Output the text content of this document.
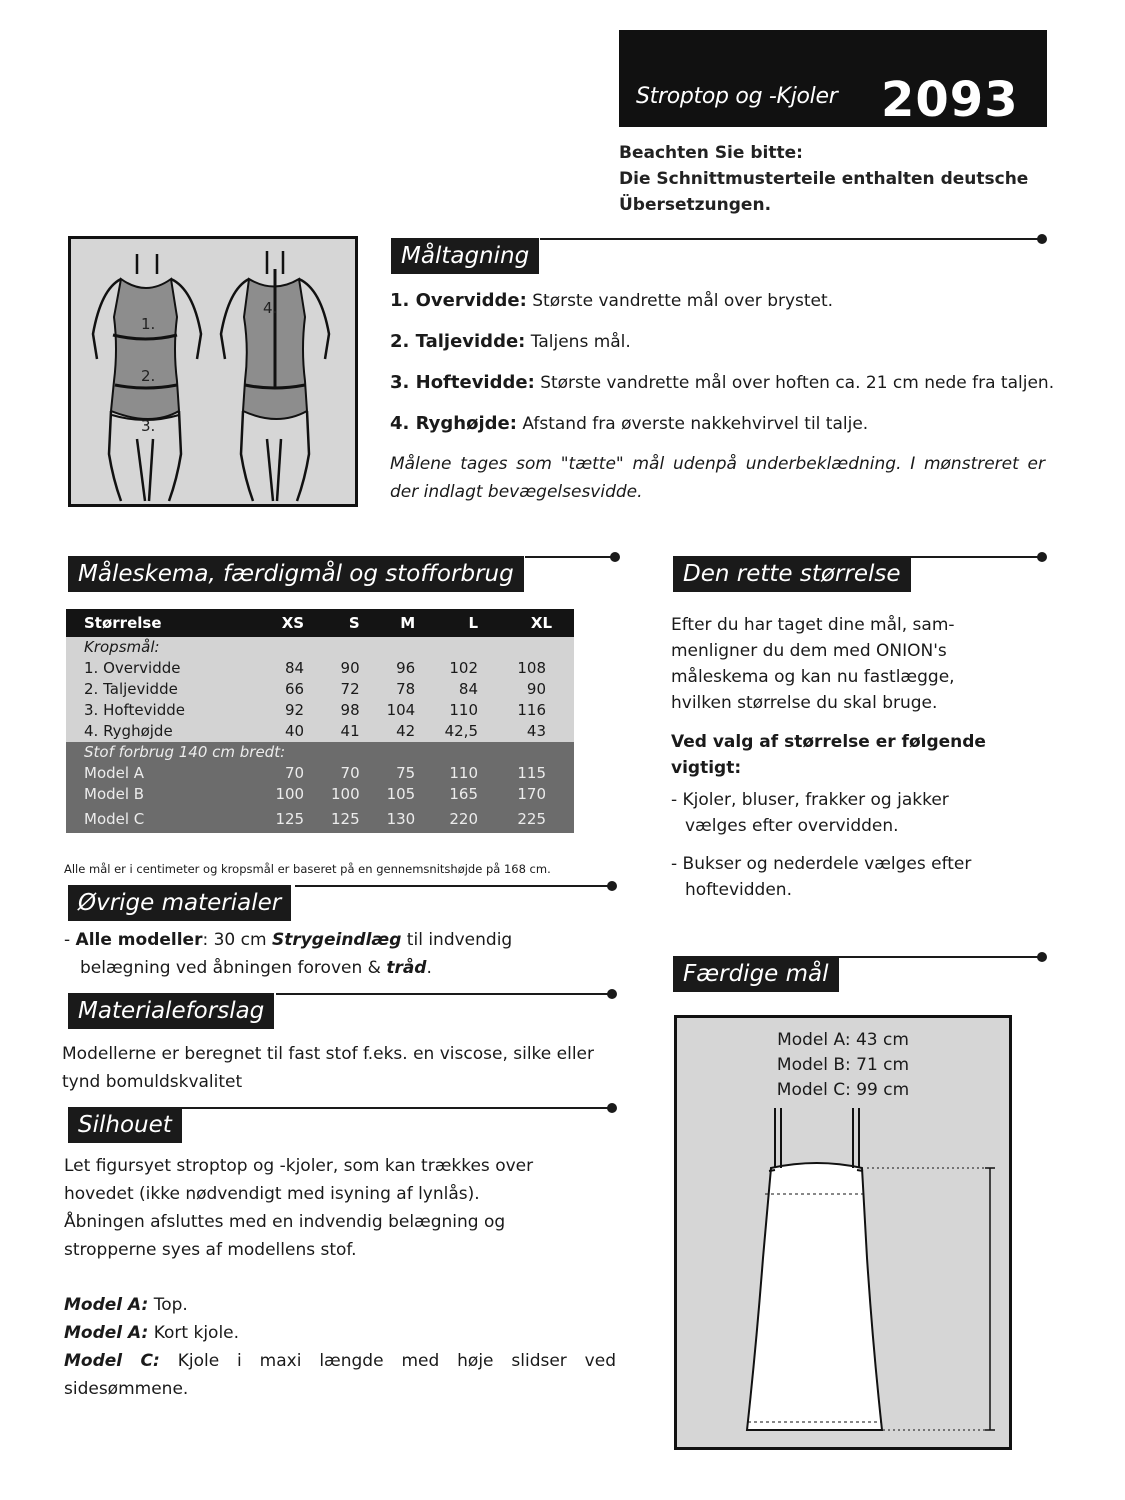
Stroptop og -Kjoler 2093
Beachten Sie bitte:
Die Schnittmusterteile enthalten deutsche
Übersetzungen.
1.
2.
3.
4.
Måltagning
1. Overvidde: Største vandrette mål over brystet.
2. Taljevidde: Taljens mål.
3. Hoftevidde: Største vandrette mål over hoften ca. 21 cm nede fra taljen.
4. Ryghøjde: Afstand fra øverste nakkehvirvel til talje.
Målene tages som "tætte" mål udenpå underbeklædning. I mønstreret er der indlagt bevægelsesvidde.
Måleskema, færdigmål og stofforbrug
Størrelse	XS	S	M	L	XL
Kropsmål:					
1. Overvidde	84	90	96	102	108
2. Taljevidde	66	72	78	84	90
3. Hoftevidde	92	98	104	110	116
4. Ryghøjde	40	41	42	42,5	43
Stof forbrug 140 cm bredt:					
Model A	70	70	75	110	115
Model B	100	100	105	165	170
Model C	125	125	130	220	225
Alle mål er i centimeter og kropsmål er baseret på en gennemsnitshøjde på 168 cm.
Øvrige materialer
- Alle modeller: 30 cm Strygeindlæg til indvendig
belægning ved åbningen foroven & tråd.
Materialeforslag
Modellerne er beregnet til fast stof f.eks. en viscose, silke eller tynd bomuldskvalitet
Silhouet
Let figursyet stroptop og -kjoler, som kan trækkes over
hovedet (ikke nødvendigt med isyning af lynlås).
Åbningen afsluttes med en indvendig belægning og
stropperne syes af modellens stof.
Model A: Top.
Model A: Kort kjole.
Model C: Kjole i maxi længde med høje slidser ved sidesømmene.
Den rette størrelse
Efter du har taget dine mål, sam-
menligner du dem med ONION's
måleskema og kan nu fastlægge,
hvilken størrelse du skal bruge.
Ved valg af størrelse er følgende
vigtigt:
- Kjoler, bluser, frakker og jakker
vælges efter overvidden.
- Bukser og nederdele vælges efter
hoftevidden.
Færdige mål
Model A: 43 cm
Model B: 71 cm
Model C: 99 cm
